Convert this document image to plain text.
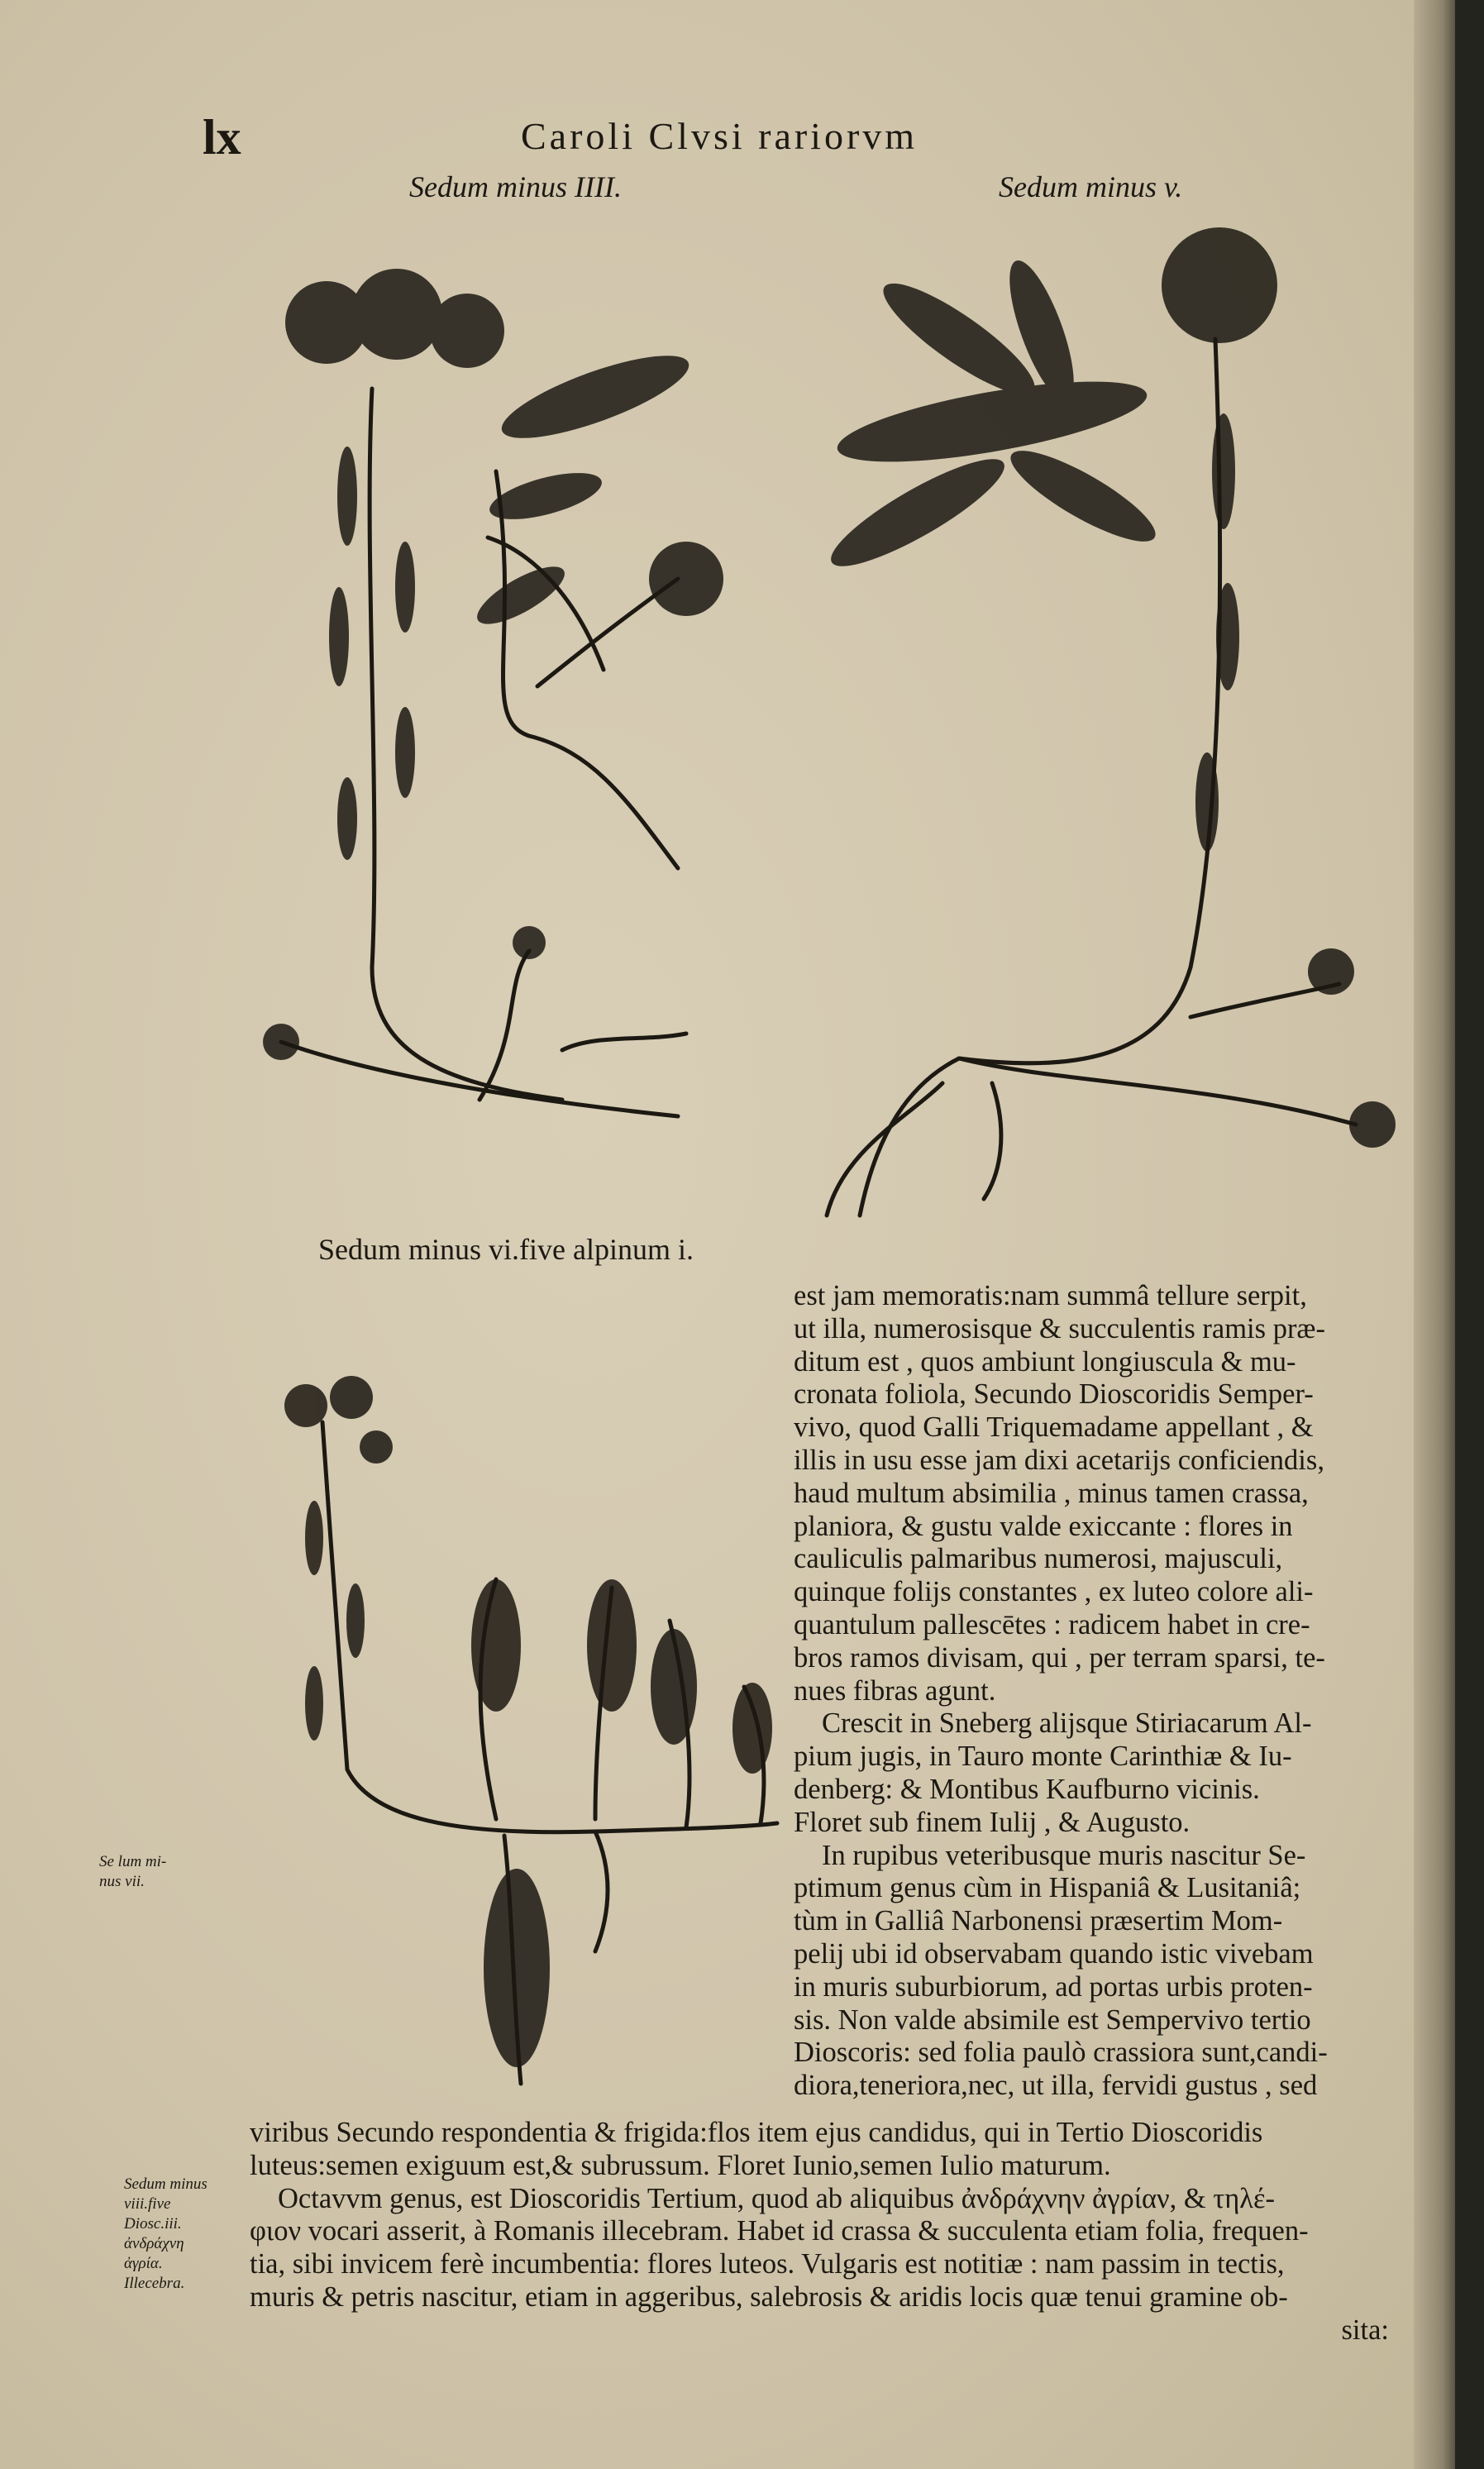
lx	Caroli Clvsi rariorvm
Sedum minus IIII.	Sedum minus v.
Sedum minus vi.five alpinum i.
Se lum mi-
nus vii.
Sedum minus
viii.five
Diosc.iii.
ἀνδράχνη
ἀγρία.
Illecebra.
est jam memoratis:nam summâ tellure serpit,
ut illa, numerosisque & succulentis ramis præ-
ditum est , quos ambiunt longiuscula & mu-
cronata foliola, Secundo Dioscoridis Semper-
vivo, quod Galli Triquemadame appellant , &
illis in usu esse jam dixi acetarijs conficiendis,
haud multum absimilia , minus tamen crassa,
planiora, & gustu valde exiccante : flores in
cauliculis palmaribus numerosi, majusculi,
quinque folijs constantes , ex luteo colore ali-
quantulum pallescētes : radicem habet in cre-
bros ramos divisam, qui , per terram sparsi, te-
nues fibras agunt.
Crescit in Sneberg alijsque Stiriacarum Al-
pium jugis, in Tauro monte Carinthiæ & Iu-
denberg: & Montibus Kaufburno vicinis.
Floret sub finem Iulij , & Augusto.
In rupibus veteribusque muris nascitur Se-
ptimum genus cùm in Hispaniâ & Lusitaniâ;
tùm in Galliâ Narbonensi præsertim Mom-
pelij ubi id observabam quando istic vivebam
in muris suburbiorum, ad portas urbis proten-
sis. Non valde absimile est Sempervivo tertio
Dioscoris: sed folia paulò crassiora sunt,candi-
diora,teneriora,nec, ut illa, fervidi gustus , sed
viribus Secundo respondentia & frigida:flos item ejus candidus, qui in Tertio Dioscoridis
luteus:semen exiguum est,& subrussum. Floret Iunio,semen Iulio maturum.
Octavvm genus, est Dioscoridis Tertium, quod ab aliquibus ἀνδράχνην ἀγρίαν, & τηλέ-
φιον vocari asserit, à Romanis illecebram. Habet id crassa & succulenta etiam folia, frequen-
tia, sibi invicem ferè incumbentia: flores luteos. Vulgaris est notitiæ : nam passim in tectis,
muris & petris nascitur, etiam in aggeribus, salebrosis & aridis locis quæ tenui gramine ob-
sita:
